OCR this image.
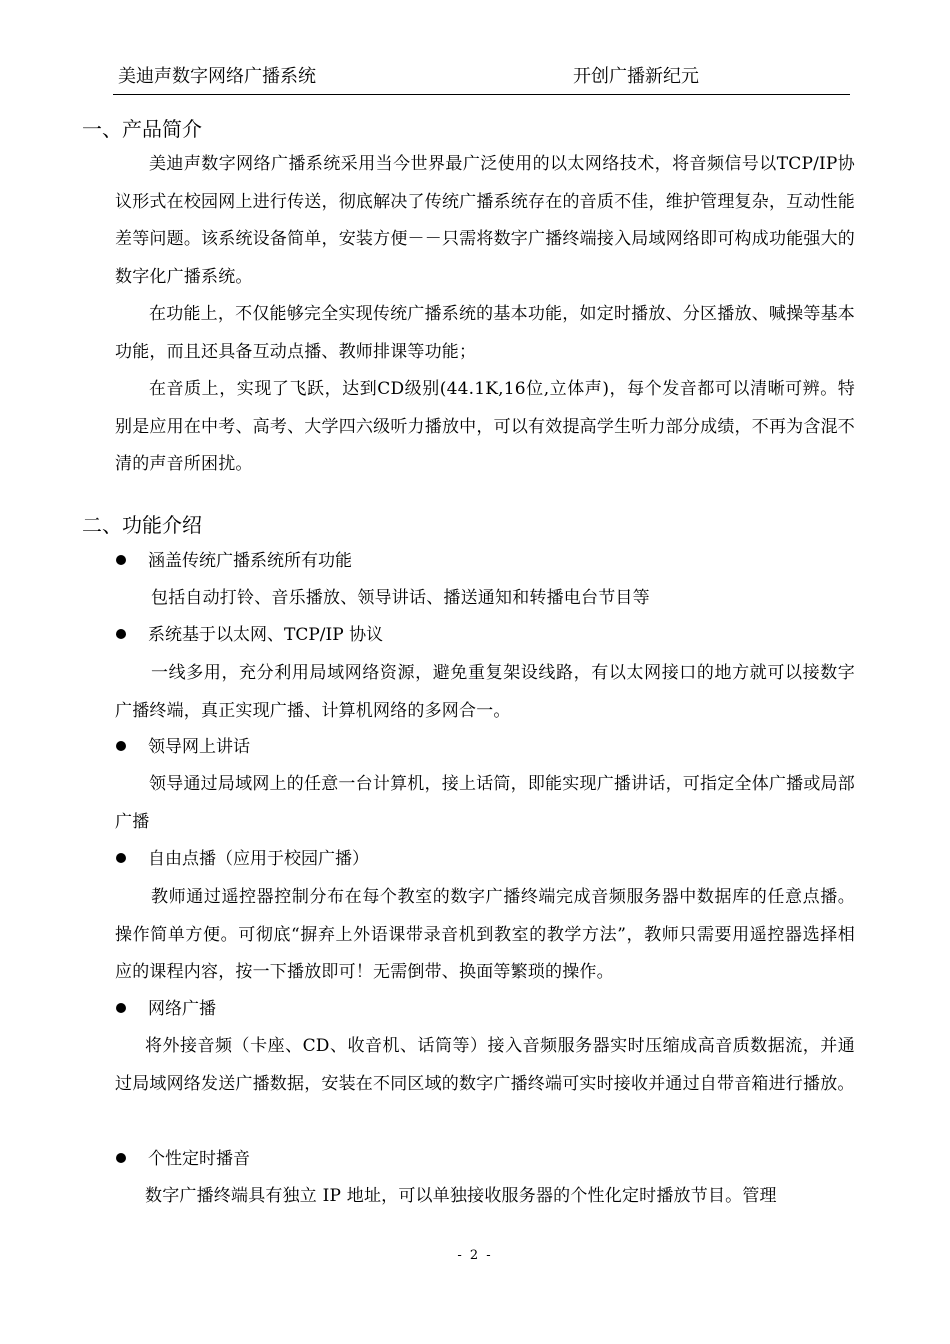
美迪声数字网络广播系统	开创广播新纪元
一、产品简介
美迪声数字网络广播系统采用当今世界最广泛使用的以太网络技术，将音频信号以TCP/IP协议形式在校园网上进行传送，彻底解决了传统广播系统存在的音质不佳，维护管理复杂，互动性能差等问题。该系统设备简单，安装方便－－只需将数字广播终端接入局域网络即可构成功能强大的数字化广播系统。
在功能上，不仅能够完全实现传统广播系统的基本功能，如定时播放、分区播放、喊操等基本功能，而且还具备互动点播、教师排课等功能；
在音质上，实现了飞跃，达到CD级别(44.1K,16位,立体声)，每个发音都可以清晰可辨。特别是应用在中考、高考、大学四六级听力播放中，可以有效提高学生听力部分成绩，不再为含混不清的声音所困扰。
二、功能介绍
涵盖传统广播系统所有功能
包括自动打铃、音乐播放、领导讲话、播送通知和转播电台节目等
系统基于以太网、TCP/IP 协议
一线多用，充分利用局域网络资源，避免重复架设线路，有以太网接口的地方就可以接数字广播终端，真正实现广播、计算机网络的多网合一。
领导网上讲话
领导通过局域网上的任意一台计算机，接上话筒，即能实现广播讲话，可指定全体广播或局部广播
自由点播（应用于校园广播）
教师通过遥控器控制分布在每个教室的数字广播终端完成音频服务器中数据库的任意点播。操作简单方便。可彻底“摒弃上外语课带录音机到教室的教学方法”，教师只需要用遥控器选择相应的课程内容，按一下播放即可！无需倒带、换面等繁琐的操作。
网络广播
将外接音频（卡座、CD、收音机、话筒等）接入音频服务器实时压缩成高音质数据流，并通过局域网络发送广播数据，安装在不同区域的数字广播终端可实时接收并通过自带音箱进行播放。
个性定时播音
数字广播终端具有独立 IP 地址，可以单独接收服务器的个性化定时播放节目。管理
- 2 -
